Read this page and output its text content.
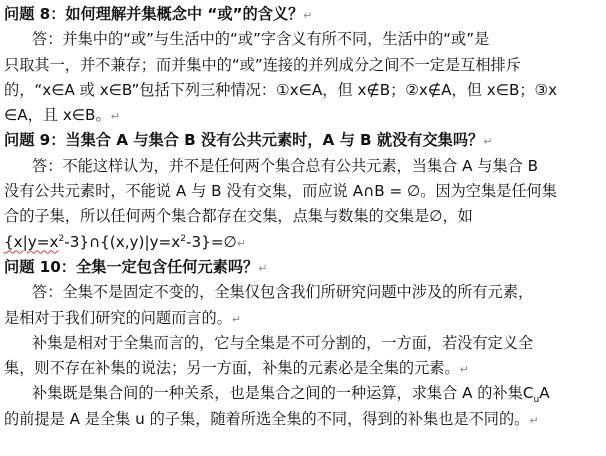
问题 8：如何理解并集概念中 “或”的含义？↵
答：并集中的“或”与生活中的“或”字含义有所不同，生活中的“或”是
只取其一，并不兼存；而并集中的“或”连接的并列成分之间不一定是互相排斥
的，“x∈A 或 x∈B”包括下列三种情况：①x∈A，但 x∉B；②x∉A，但 x∈B；③x
∈A，且 x∈B。↵
问题 9：当集合 A 与集合 B 没有公共元素时，A 与 B 就没有交集吗？↵
答：不能这样认为，并不是任何两个集合总有公共元素，当集合 A 与集合 B
没有公共元素时，不能说 A 与 B 没有交集，而应说 A∩B = ∅。因为空集是任何集
合的子集，所以任何两个集合都存在交集，点集与数集的交集是∅，如
$\{x|y=x^2-3\}\cap\{(x,y)|y=x^2-3\}=\emptyset↵$
问题 10：全集一定包含任何元素吗？↵
答：全集不是固定不变的，全集仅包含我们所研究问题中涉及的所有元素，
是相对于我们研究的问题而言的。↵
补集是相对于全集而言的，它与全集是不可分割的，一方面，若没有定义全
集，则不存在补集的说法；另一方面，补集的元素必是全集的元素。↵
补集既是集合间的一种关系，也是集合之间的一种运算，求集合 A 的补集$C_uA$
的前提是 A 是全集 u 的子集，随着所选全集的不同，得到的补集也是不同的。↵
